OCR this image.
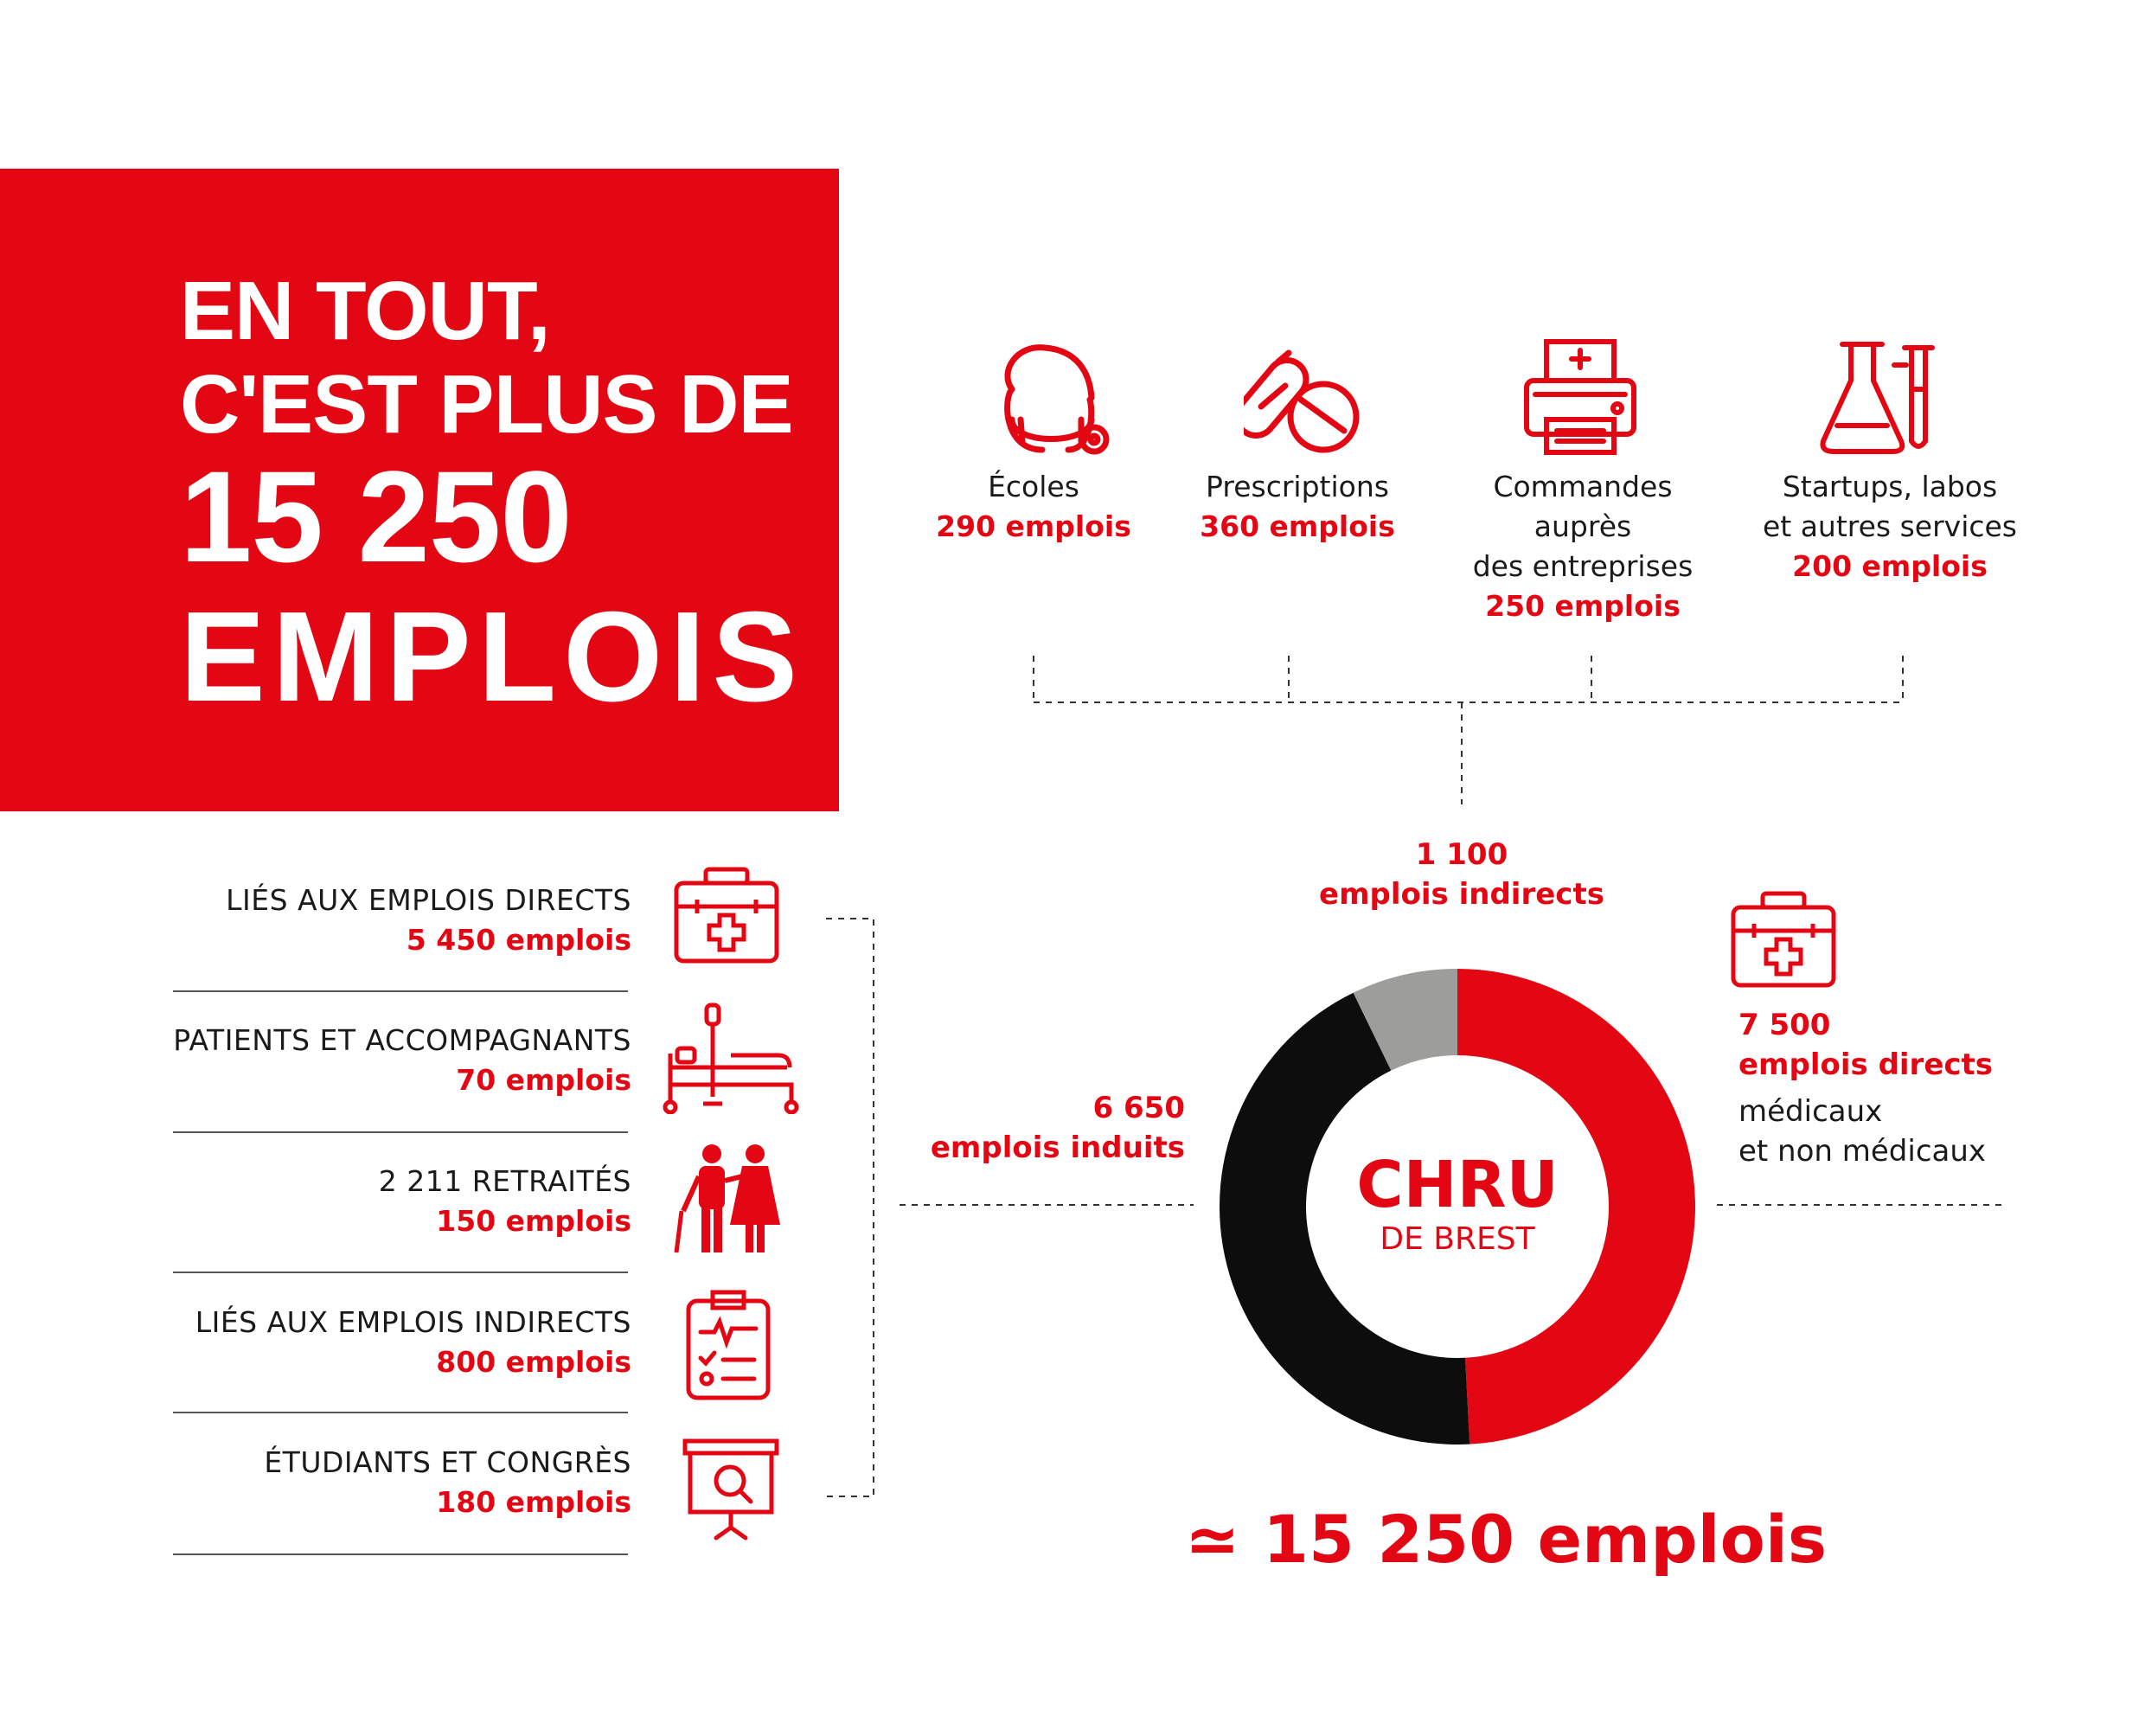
EN TOUT,
C'EST PLUS DE
15 250
EMPLOIS
Écoles
290 emplois
Prescriptions
360 emplois
Commandes
auprès
des entreprises
250 emplois
Startups, labos
et autres services
200 emplois
LIÉS AUX EMPLOIS DIRECTS
5 450 emplois
PATIENTS ET ACCOMPAGNANTS
70 emplois
2 211 RETRAITÉS
150 emplois
LIÉS AUX EMPLOIS INDIRECTS
800 emplois
ÉTUDIANTS ET CONGRÈS
180 emplois
CHRU
DE BREST
1 100
emplois indirects
6 650
emplois induits
7 500
emplois directs
médicaux
et non médicaux
≃ 15 250 emplois
